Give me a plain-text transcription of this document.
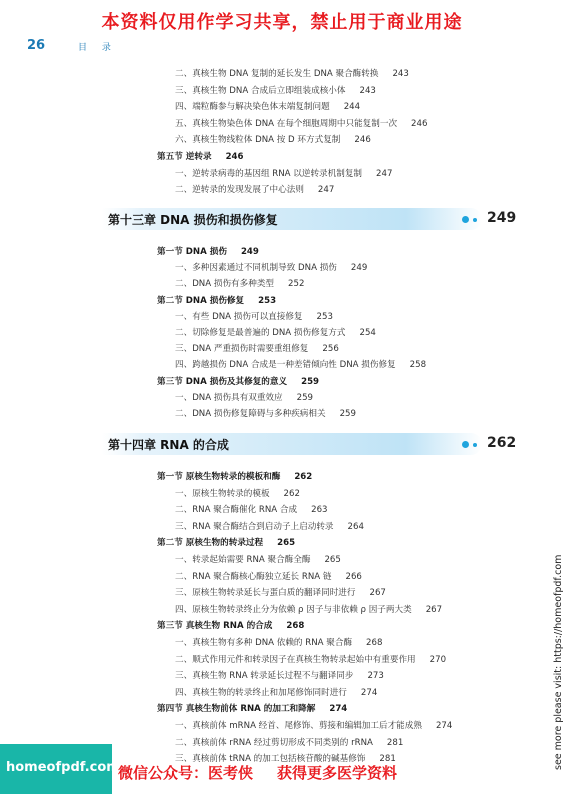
本资料仅用作学习共享，禁止用于商业用途
26	目 录
二、真核生物 DNA 复制的延长发生 DNA 聚合酶转换 243
三、真核生物 DNA 合成后立即组装成核小体 243
四、端粒酶参与解决染色体末端复制问题 244
五、真核生物染色体 DNA 在每个细胞周期中只能复制一次 246
六、真核生物线粒体 DNA 按 D 环方式复制 246
第五节 逆转录 246
一、逆转录病毒的基因组 RNA 以逆转录机制复制 247
二、逆转录的发现发展了中心法则 247
第十三章 DNA 损伤和损伤修复	249
第一节 DNA 损伤 249
一、多种因素通过不同机制导致 DNA 损伤 249
二、DNA 损伤有多种类型 252
第二节 DNA 损伤修复 253
一、有些 DNA 损伤可以直接修复 253
二、切除修复是最普遍的 DNA 损伤修复方式 254
三、DNA 严重损伤时需要重组修复 256
四、跨越损伤 DNA 合成是一种差错倾向性 DNA 损伤修复 258
第三节 DNA 损伤及其修复的意义 259
一、DNA 损伤具有双重效应 259
二、DNA 损伤修复障碍与多种疾病相关 259
第十四章 RNA 的合成	262
第一节 原核生物转录的模板和酶 262
一、原核生物转录的模板 262
二、RNA 聚合酶催化 RNA 合成 263
三、RNA 聚合酶结合到启动子上启动转录 264
第二节 原核生物的转录过程 265
一、转录起始需要 RNA 聚合酶全酶 265
二、RNA 聚合酶核心酶独立延长 RNA 链 266
三、原核生物转录延长与蛋白质的翻译同时进行 267
四、原核生物转录终止分为依赖 ρ 因子与非依赖 ρ 因子两大类 267
第三节 真核生物 RNA 的合成 268
一、真核生物有多种 DNA 依赖的 RNA 聚合酶 268
二、顺式作用元件和转录因子在真核生物转录起始中有重要作用 270
三、真核生物 RNA 转录延长过程不与翻译同步 273
四、真核生物的转录终止和加尾修饰同时进行 274
第四节 真核生物前体 RNA 的加工和降解 274
一、真核前体 mRNA 经首、尾修饰、剪接和编辑加工后才能成熟 274
二、真核前体 rRNA 经过剪切形成不同类别的 rRNA 281
三、真核前体 tRNA 的加工包括核苷酸的碱基修饰 281	see more please visit: https://homeofpdf.com
homeofpdf.com
微信公众号：医考侠 获得更多医学资料
